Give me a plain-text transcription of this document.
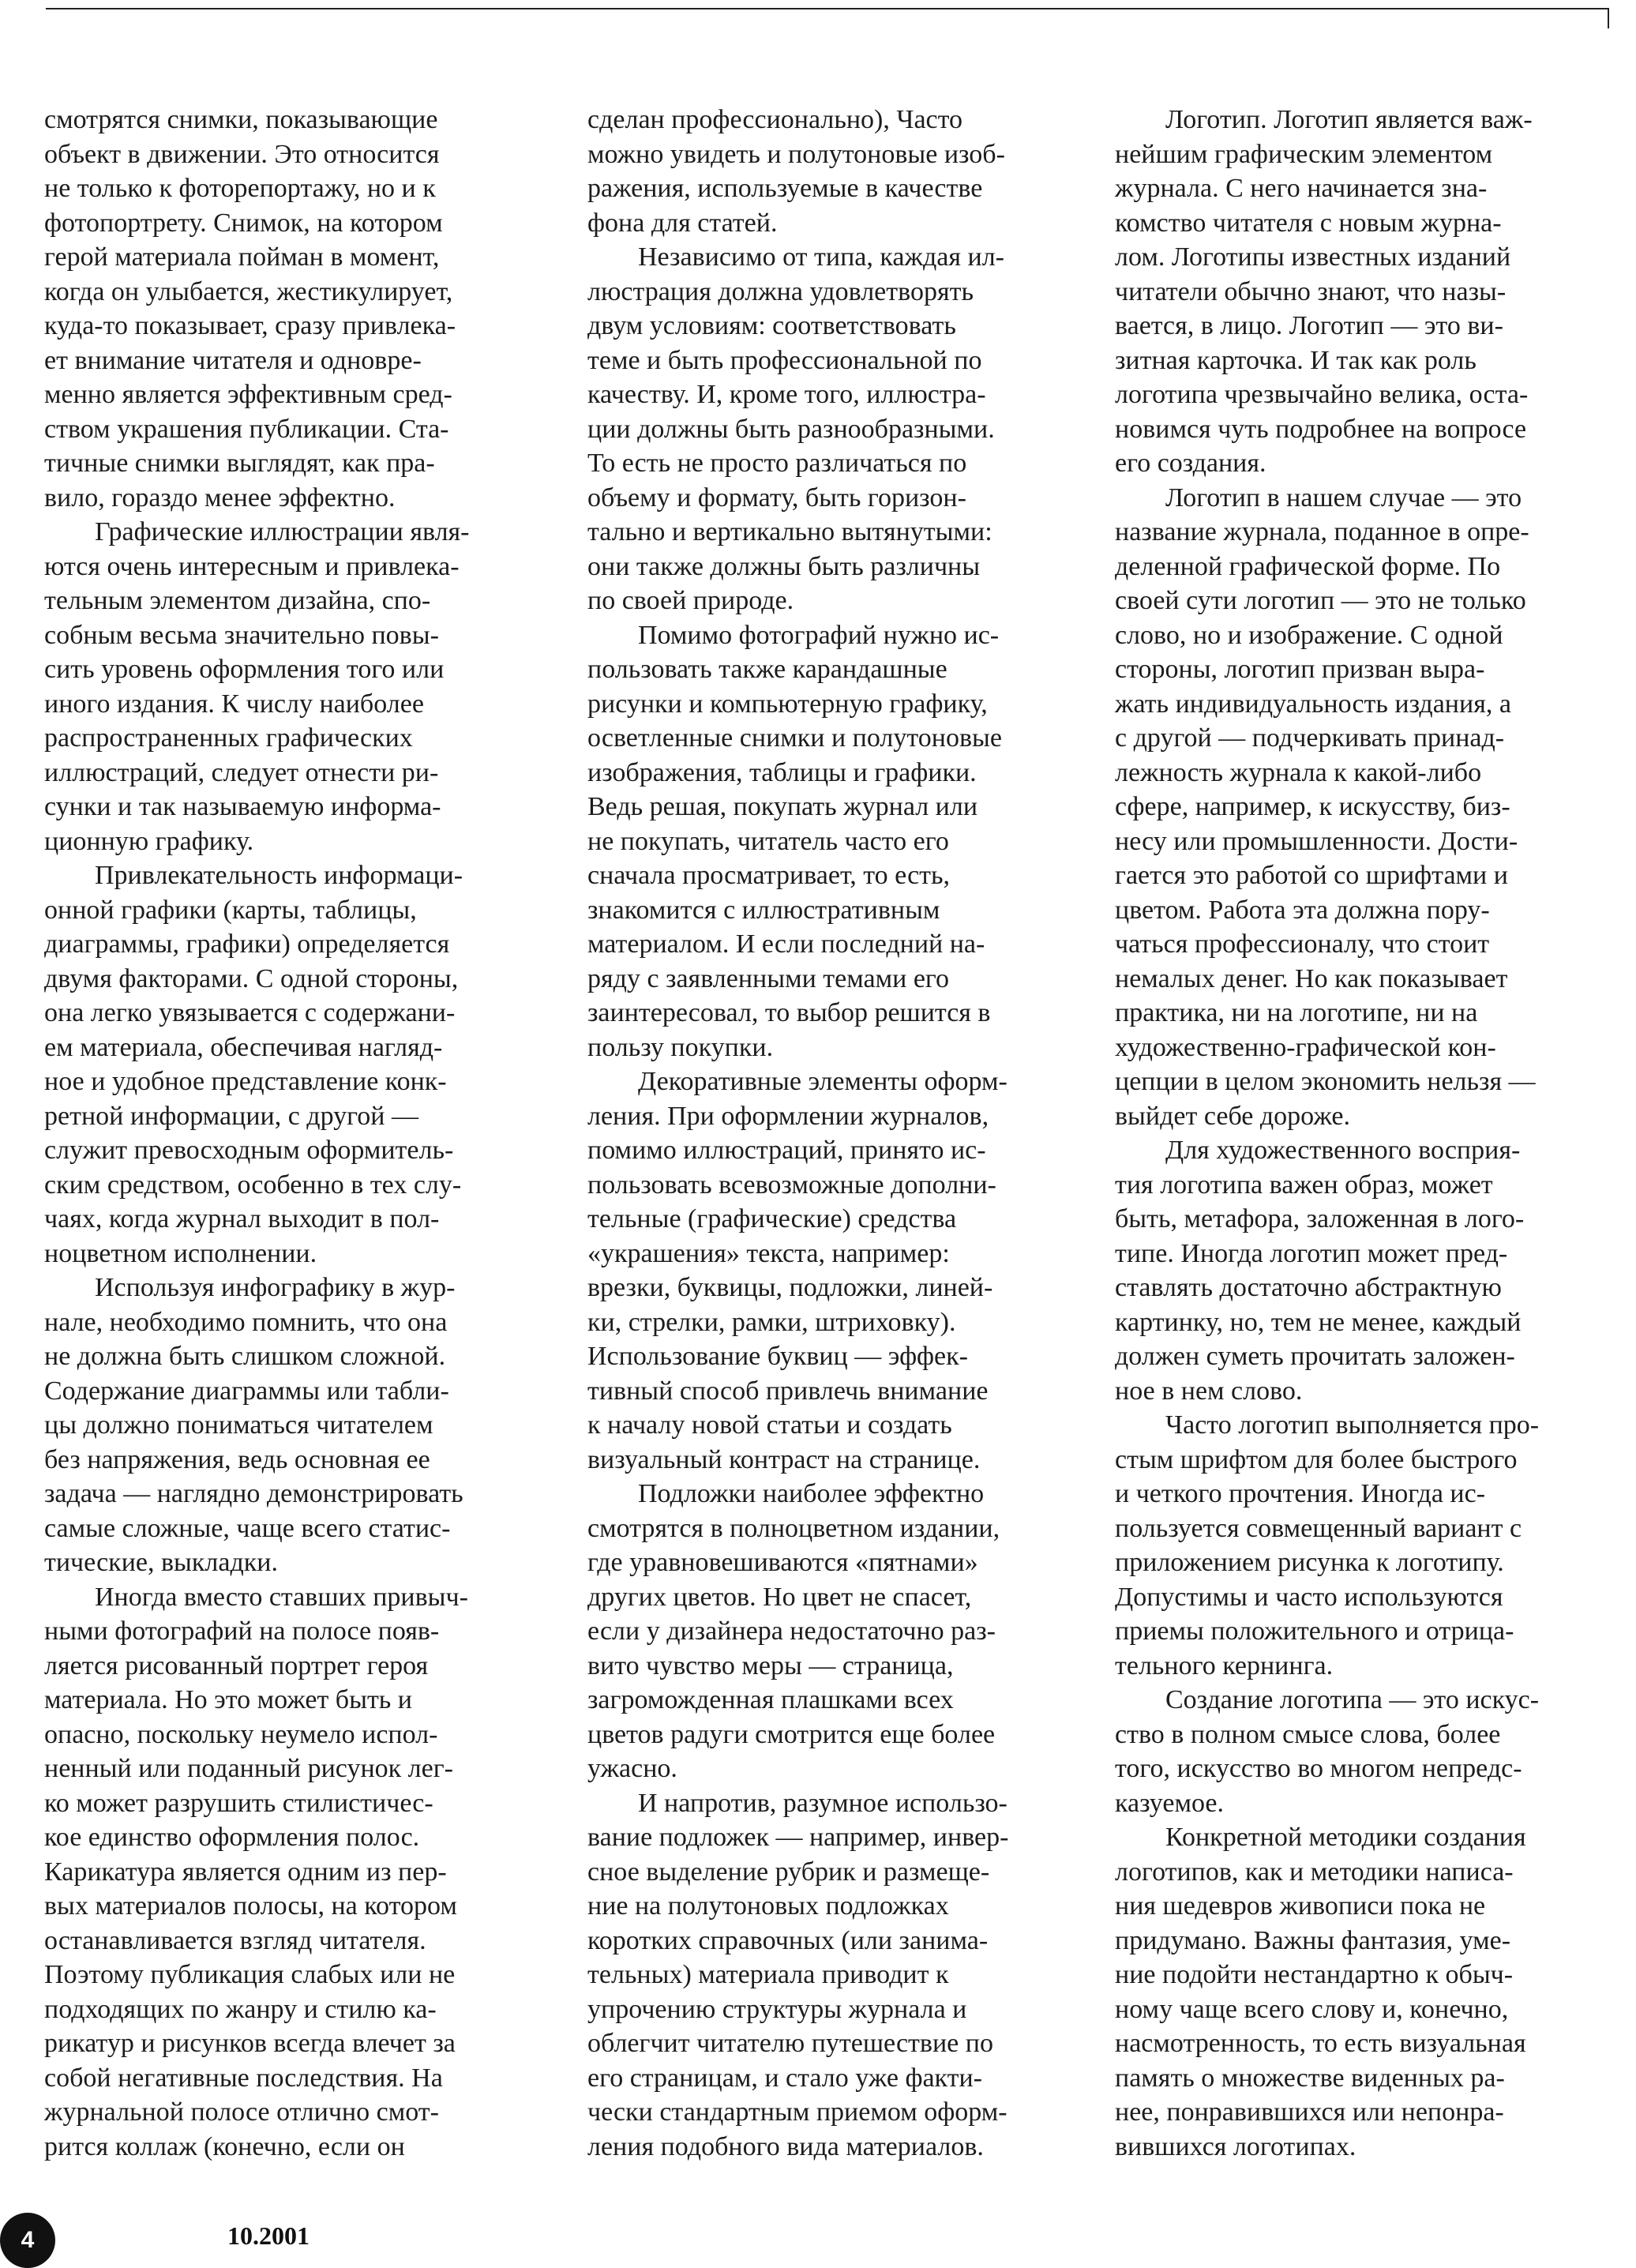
смотрятся снимки, показывающие
объект в движении. Это относится
не только к фоторепортажу, но и к
фотопортрету. Снимок, на котором
герой материала пойман в момент,
когда он улыбается, жестикулирует,
куда-то показывает, сразу привлека-
ет внимание читателя и одновре-
менно является эффективным сред-
ством украшения публикации. Ста-
тичные снимки выглядят, как пра-
вило, гораздо менее эффектно.

Графические иллюстрации явля-
ются очень интересным и привлека-
тельным элементом дизайна, спо-
собным весьма значительно повы-
сить уровень оформления того или
иного издания. К числу наиболее
распространенных графических
иллюстраций, следует отнести ри-
сунки и так называемую информа-
ционную графику.

Привлекательность информаци-
онной графики (карты, таблицы,
диаграммы, графики) определяется
двумя факторами. С одной стороны,
она легко увязывается с содержани-
ем материала, обеспечивая нагляд-
ное и удобное представление конк-
ретной информации, с другой —
служит превосходным оформитель-
ским средством, особенно в тех слу-
чаях, когда журнал выходит в пол-
ноцветном исполнении.

Используя инфографику в жур-
нале, необходимо помнить, что она
не должна быть слишком сложной.
Содержание диаграммы или табли-
цы должно пониматься читателем
без напряжения, ведь основная ее
задача — наглядно демонстрировать
самые сложные, чаще всего статис-
тические, выкладки.

Иногда вместо ставших привыч-
ными фотографий на полосе появ-
ляется рисованный портрет героя
материала. Но это может быть и
опасно, поскольку неумело испол-
ненный или поданный рисунок лег-
ко может разрушить стилистичес-
кое единство оформления полос.
Карикатура является одним из пер-
вых материалов полосы, на котором
останавливается взгляд читателя.
Поэтому публикация слабых или не
подходящих по жанру и стилю ка-
рикатур и рисунков всегда влечет за
собой негативные последствия. На
журнальной полосе отлично смот-
рится коллаж (конечно, если он

сделан профессионально), Часто
можно увидеть и полутоновые изоб-
ражения, используемые в качестве
фона для статей.

Независимо от типа, каждая ил-
люстрация должна удовлетворять
двум условиям: соответствовать
теме и быть профессиональной по
качеству. И, кроме того, иллюстра-
ции должны быть разнообразными.
То есть не просто различаться по
объему и формату, быть горизон-
тально и вертикально вытянутыми:
они также должны быть различны
по своей природе.

Помимо фотографий нужно ис-
пользовать также карандашные
рисунки и компьютерную графику,
осветленные снимки и полутоновые
изображения, таблицы и графики.
Ведь решая, покупать журнал или
не покупать, читатель часто его
сначала просматривает, то есть,
знакомится с иллюстративным
материалом. И если последний на-
ряду с заявленными темами его
заинтересовал, то выбор решится в
пользу покупки.

Декоративные элементы оформ-
ления. При оформлении журналов,
помимо иллюстраций, принято ис-
пользовать всевозможные дополни-
тельные (графические) средства
«украшения» текста, например:
врезки, буквицы, подложки, линей-
ки, стрелки, рамки, штриховку).
Использование буквиц — эффек-
тивный способ привлечь внимание
к началу новой статьи и создать
визуальный контраст на странице.

Подложки наиболее эффектно
смотрятся в полноцветном издании,
где уравновешиваются «пятнами»
других цветов. Но цвет не спасет,
если у дизайнера недостаточно раз-
вито чувство меры — страница,
загроможденная плашками всех
цветов радуги смотрится еще более
ужасно.

И напротив, разумное использо-
вание подложек — например, инвер-
сное выделение рубрик и размеще-
ние на полутоновых подложках
коротких справочных (или занима-
тельных) материала приводит к
упрочению структуры журнала и
облегчит читателю путешествие по
его страницам, и стало уже факти-
чески стандартным приемом оформ-
ления подобного вида материалов.

Логотип. Логотип является важ-
нейшим графическим элементом
журнала. С него начинается зна-
комство читателя с новым журна-
лом. Логотипы известных изданий
читатели обычно знают, что назы-
вается, в лицо. Логотип — это ви-
зитная карточка. И так как роль
логотипа чрезвычайно велика, оста-
новимся чуть подробнее на вопросе
его создания.

Логотип в нашем случае — это
название журнала, поданное в опре-
деленной графической форме. По
своей сути логотип — это не только
слово, но и изображение. С одной
стороны, логотип призван выра-
жать индивидуальность издания, а
с другой — подчеркивать принад-
лежность журнала к какой-либо
сфере, например, к искусству, биз-
несу или промышленности. Дости-
гается это работой со шрифтами и
цветом. Работа эта должна пору-
чаться профессионалу, что стоит
немалых денег. Но как показывает
практика, ни на логотипе, ни на
художественно-графической кон-
цепции в целом экономить нельзя —
выйдет себе дороже.

Для художественного восприя-
тия логотипа важен образ, может
быть, метафора, заложенная в лого-
типе. Иногда логотип может пред-
ставлять достаточно абстрактную
картинку, но, тем не менее, каждый
должен суметь прочитать заложен-
ное в нем слово.

Часто логотип выполняется про-
стым шрифтом для более быстрого
и четкого прочтения. Иногда ис-
пользуется совмещенный вариант с
приложением рисунка к логотипу.
Допустимы и часто используются
приемы положительного и отрица-
тельного кернинга.

Создание логотипа — это искус-
ство в полном смысе слова, более
того, искусство во многом непредс-
казуемое.

Конкретной методики создания
логотипов, как и методики написа-
ния шедевров живописи пока не
придумано. Важны фантазия, уме-
ние подойти нестандартно к обыч-
ному чаще всего слову и, конечно,
насмотренность, то есть визуальная
память о множестве виденных ра-
нее, понравившихся или непонра-
вившихся логотипах.

4	10.2001
